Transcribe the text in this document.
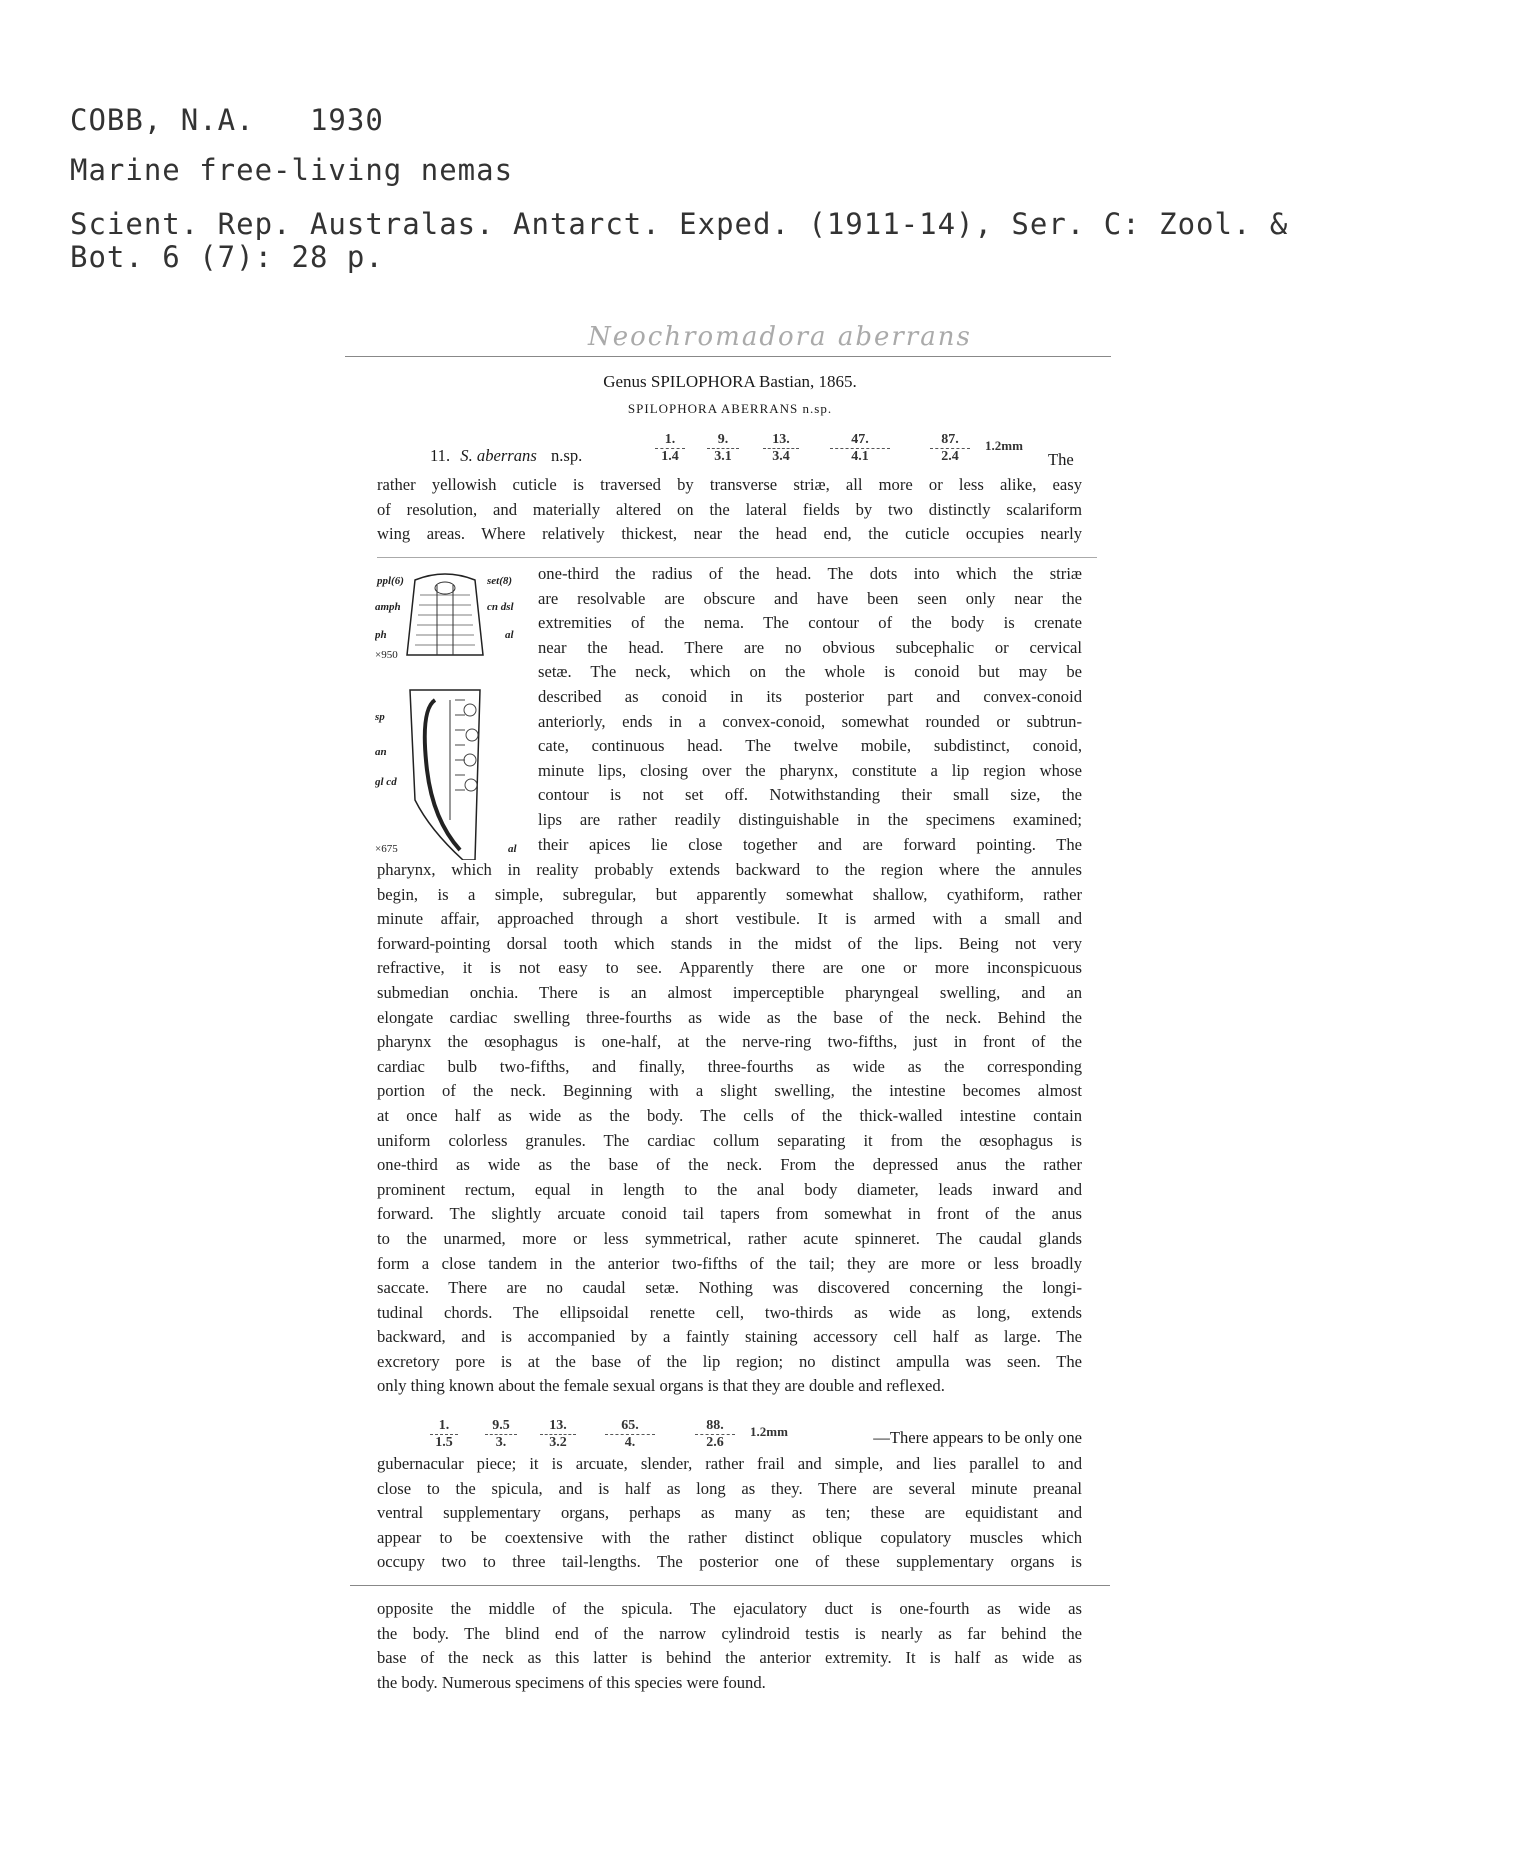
COBB, N.A.   1930
Marine free-living nemas
Scient. Rep. Australas. Antarct. Exped. (1911-14), Ser. C: Zool. &
Bot. 6 (7): 28 p.
Neochromadora aberrans
Genus SPILOPHORA Bastian, 1865.
SPILOPHORA ABERRANS n.sp.
11. S. aberrans n.sp.	$\frac{1.}{1.4} \frac{9.}{3.1} \frac{13.}{3.4} \frac{47.}{4.1}$	$\frac{87.}{2.4} 1.2mm$
The
rather yellowish cuticle is traversed by transverse striæ, all more or less alike, easy
of resolution, and materially altered on the lateral fields by two distinctly scalariform
wing areas. Where relatively thickest, near the head end, the cuticle occupies nearly
ppl(6)	set(8)
amph	cn dsl
ph	al
×950
sp
an
gl cd
al
×675
one-third the radius of the head. The dots into which the striæ
are resolvable are obscure and have been seen only near the
extremities of the nema. The contour of the body is crenate
near the head. There are no obvious subcephalic or cervical
setæ. The neck, which on the whole is conoid but may be
described as conoid in its posterior part and convex-conoid
anteriorly, ends in a convex-conoid, somewhat rounded or subtrun-
cate, continuous head. The twelve mobile, subdistinct, conoid,
minute lips, closing over the pharynx, constitute a lip region whose
contour is not set off. Notwithstanding their small size, the
lips are rather readily distinguishable in the specimens examined;
their apices lie close together and are forward pointing. The
pharynx, which in reality probably extends backward to the region where the annules
begin, is a simple, subregular, but apparently somewhat shallow, cyathiform, rather
minute affair, approached through a short vestibule. It is armed with a small and
forward-pointing dorsal tooth which stands in the midst of the lips. Being not very
refractive, it is not easy to see. Apparently there are one or more inconspicuous
submedian onchia. There is an almost imperceptible pharyngeal swelling, and an
elongate cardiac swelling three-fourths as wide as the base of the neck. Behind the
pharynx the œsophagus is one-half, at the nerve-ring two-fifths, just in front of the
cardiac bulb two-fifths, and finally, three-fourths as wide as the corresponding
portion of the neck. Beginning with a slight swelling, the intestine becomes almost
at once half as wide as the body. The cells of the thick-walled intestine contain
uniform colorless granules. The cardiac collum separating it from the œsophagus is
one-third as wide as the base of the neck. From the depressed anus the rather
prominent rectum, equal in length to the anal body diameter, leads inward and
forward. The slightly arcuate conoid tail tapers from somewhat in front of the anus
to the unarmed, more or less symmetrical, rather acute spinneret. The caudal glands
form a close tandem in the anterior two-fifths of the tail; they are more or less broadly
saccate. There are no caudal setæ. Nothing was discovered concerning the longi-
tudinal chords. The ellipsoidal renette cell, two-thirds as wide as long, extends
backward, and is accompanied by a faintly staining accessory cell half as large. The
excretory pore is at the base of the lip region; no distinct ampulla was seen. The
only thing known about the female sexual organs is that they are double and reflexed.
$\frac{1.}{1.5} \frac{9.5}{3.} \frac{13.}{3.2} \frac{65.}{4.}$	$\frac{88.}{2.6} 1.2mm$	—There appears to be only one
gubernacular piece; it is arcuate, slender, rather frail and simple, and lies parallel to and
close to the spicula, and is half as long as they. There are several minute preanal
ventral supplementary organs, perhaps as many as ten; these are equidistant and
appear to be coextensive with the rather distinct oblique copulatory muscles which
occupy two to three tail-lengths. The posterior one of these supplementary organs is
opposite the middle of the spicula. The ejaculatory duct is one-fourth as wide as
the body. The blind end of the narrow cylindroid testis is nearly as far behind the
base of the neck as this latter is behind the anterior extremity. It is half as wide as
the body. Numerous specimens of this species were found.
